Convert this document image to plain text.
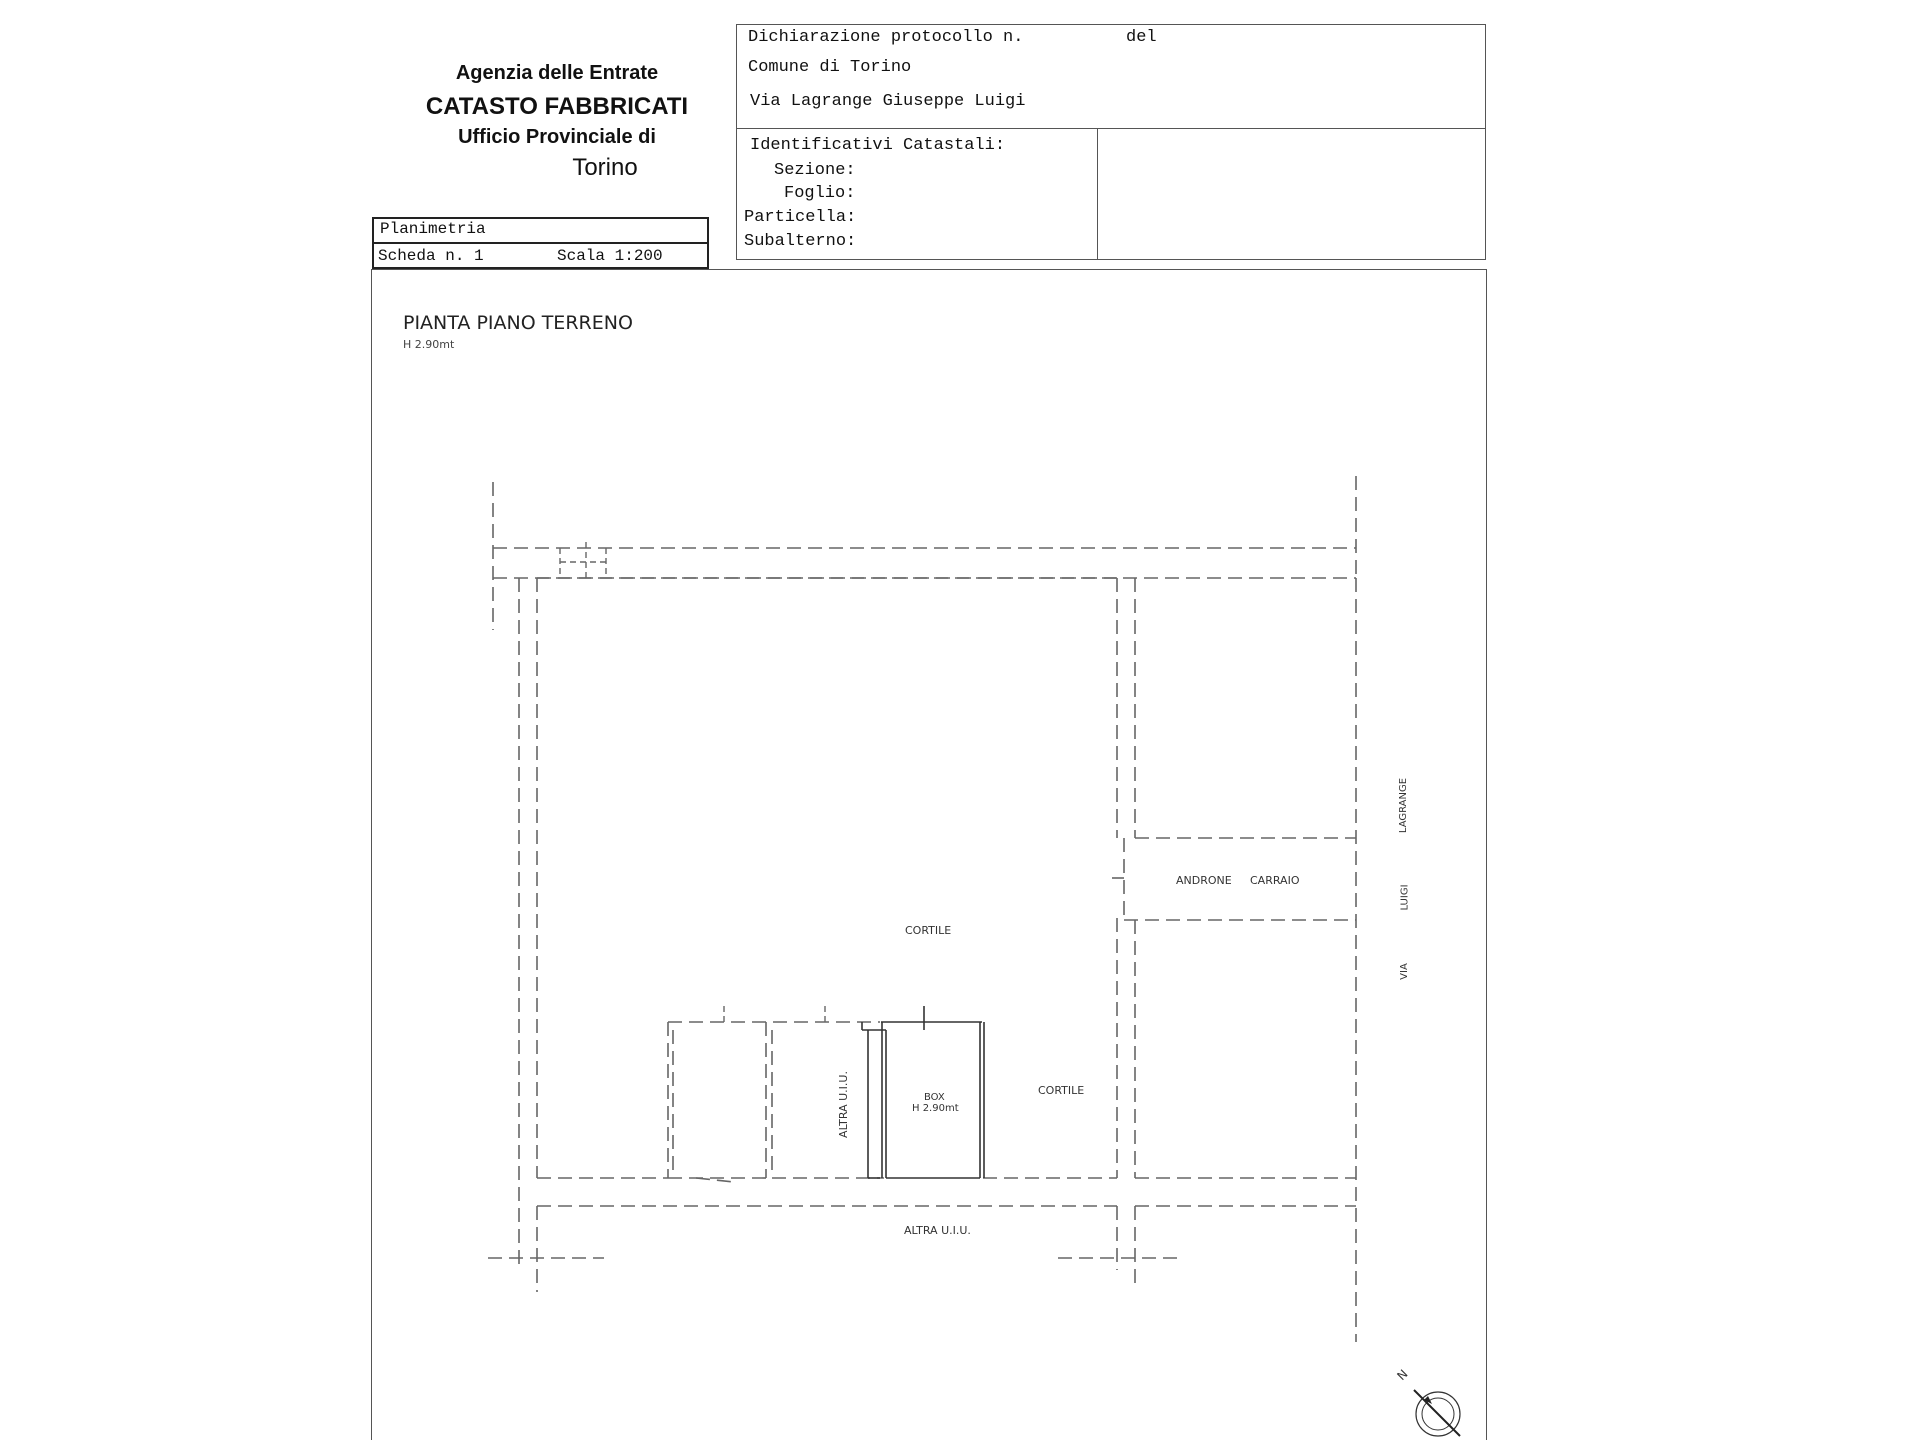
Agenzia delle Entrate
CATASTO FABBRICATI
Ufficio Provinciale di
Torino
Dichiarazione protocollo n.	del
Comune di Torino
Via Lagrange Giuseppe Luigi
Identificativi Catastali:
Sezione:
Foglio:
Particella:
Subalterno:
Planimetria
Scheda n. 1	Scala 1:200
PIANTA PIANO TERRENO
H 2.90mt
CORTILE
CORTILE
ANDRONE CARRAIO
BOX
H 2.90mt
ALTRA U.I.U.
ALTRA U.I.U.
LAGRANGE
LUIGI
VIA
N
